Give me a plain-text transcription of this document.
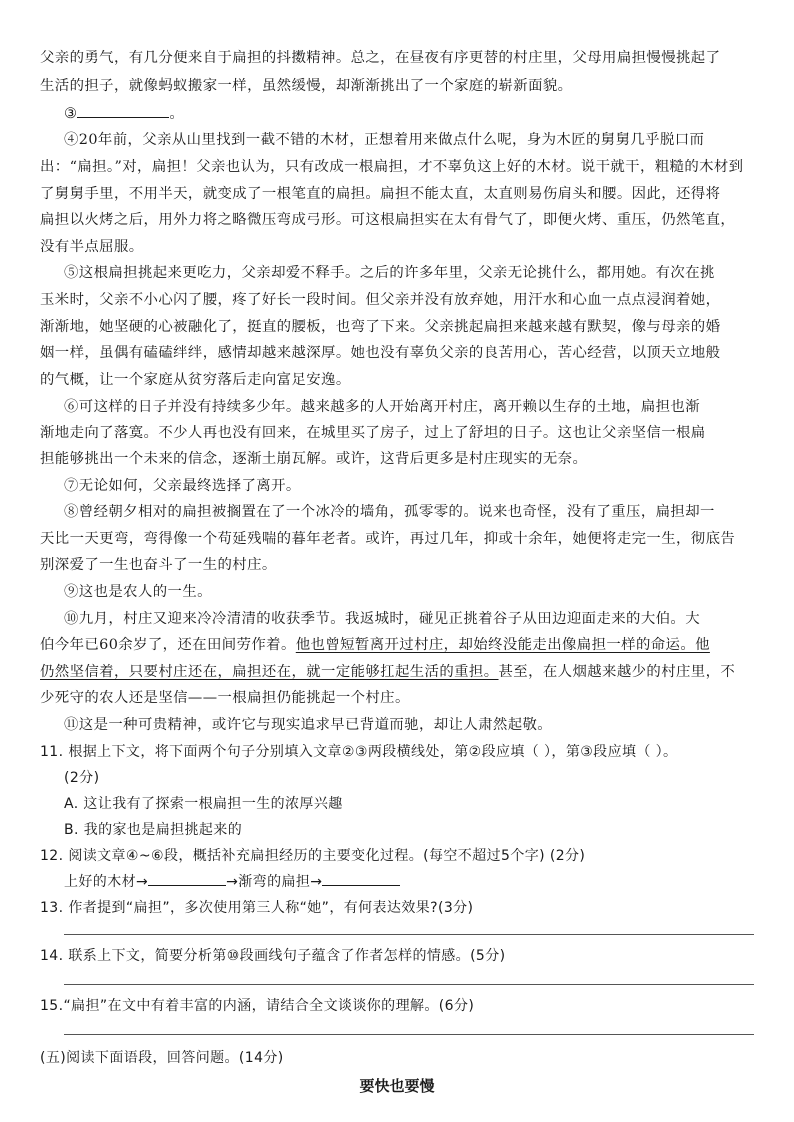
父亲的勇气，有几分便来自于扁担的抖擞精神。总之，在昼夜有序更替的村庄里，父母用扁担慢慢挑起了
生活的担子，就像蚂蚁搬家一样，虽然缓慢，却渐渐挑出了一个家庭的崭新面貌。
③	。
④20年前，父亲从山里找到一截不错的木材，正想着用来做点什么呢，身为木匠的舅舅几乎脱口而
出：“扁担。”对，扁担！父亲也认为，只有改成一根扁担，才不辜负这上好的木材。说干就干，粗糙的木材到
了舅舅手里，不用半天，就变成了一根笔直的扁担。扁担不能太直，太直则易伤肩头和腰。因此，还得将
扁担以火烤之后，用外力将之略微压弯成弓形。可这根扁担实在太有骨气了，即便火烤、重压，仍然笔直，
没有半点屈服。
⑤这根扁担挑起来更吃力，父亲却爱不释手。之后的许多年里，父亲无论挑什么，都用她。有次在挑
玉米时，父亲不小心闪了腰，疼了好长一段时间。但父亲并没有放弃她，用汗水和心血一点点浸润着她，
渐渐地，她坚硬的心被融化了，挺直的腰板，也弯了下来。父亲挑起扁担来越来越有默契，像与母亲的婚
姻一样，虽偶有磕磕绊绊，感情却越来越深厚。她也没有辜负父亲的良苦用心，苦心经营，以顶天立地般
的气概，让一个家庭从贫穷落后走向富足安逸。
⑥可这样的日子并没有持续多少年。越来越多的人开始离开村庄，离开赖以生存的土地，扁担也渐
渐地走向了落寞。不少人再也没有回来，在城里买了房子，过上了舒坦的日子。这也让父亲坚信一根扁
担能够挑出一个未来的信念，逐渐土崩瓦解。或许，这背后更多是村庄现实的无奈。
⑦无论如何，父亲最终选择了离开。
⑧曾经朝夕相对的扁担被搁置在了一个冰冷的墙角，孤零零的。说来也奇怪，没有了重压，扁担却一
天比一天更弯，弯得像一个苟延残喘的暮年老者。或许，再过几年，抑或十余年，她便将走完一生，彻底告
别深爱了一生也奋斗了一生的村庄。
⑨这也是农人的一生。
⑩九月，村庄又迎来冷冷清清的收获季节。我返城时，碰见正挑着谷子从田边迎面走来的大伯。大
伯今年已60余岁了，还在田间劳作着。他也曾短暂离开过村庄，却始终没能走出像扁担一样的命运。他
仍然坚信着，只要村庄还在，扁担还在，就一定能够扛起生活的重担。甚至，在人烟越来越少的村庄里，不
少死守的农人还是坚信——一根扁担仍能挑起一个村庄。
⑪这是一种可贵精神，或许它与现实追求早已背道而驰，却让人肃然起敬。
11. 根据上下文，将下面两个句子分别填入文章②③两段横线处，第②段应填（ ），第③段应填（ ）。
(2分)
A. 这让我有了探索一根扁担一生的浓厚兴趣
B. 我的家也是扁担挑起来的
12. 阅读文章④~⑥段，概括补充扁担经历的主要变化过程。(每空不超过5个字) (2分)
上好的木材→	→渐弯的扁担→
13. 作者提到“扁担”，多次使用第三人称“她”，有何表达效果?(3分)
14. 联系上下文，简要分析第⑩段画线句子蕴含了作者怎样的情感。(5分)
15.“扁担”在文中有着丰富的内涵，请结合全文谈谈你的理解。(6分)
(五)阅读下面语段，回答问题。(14分)
要快也要慢
